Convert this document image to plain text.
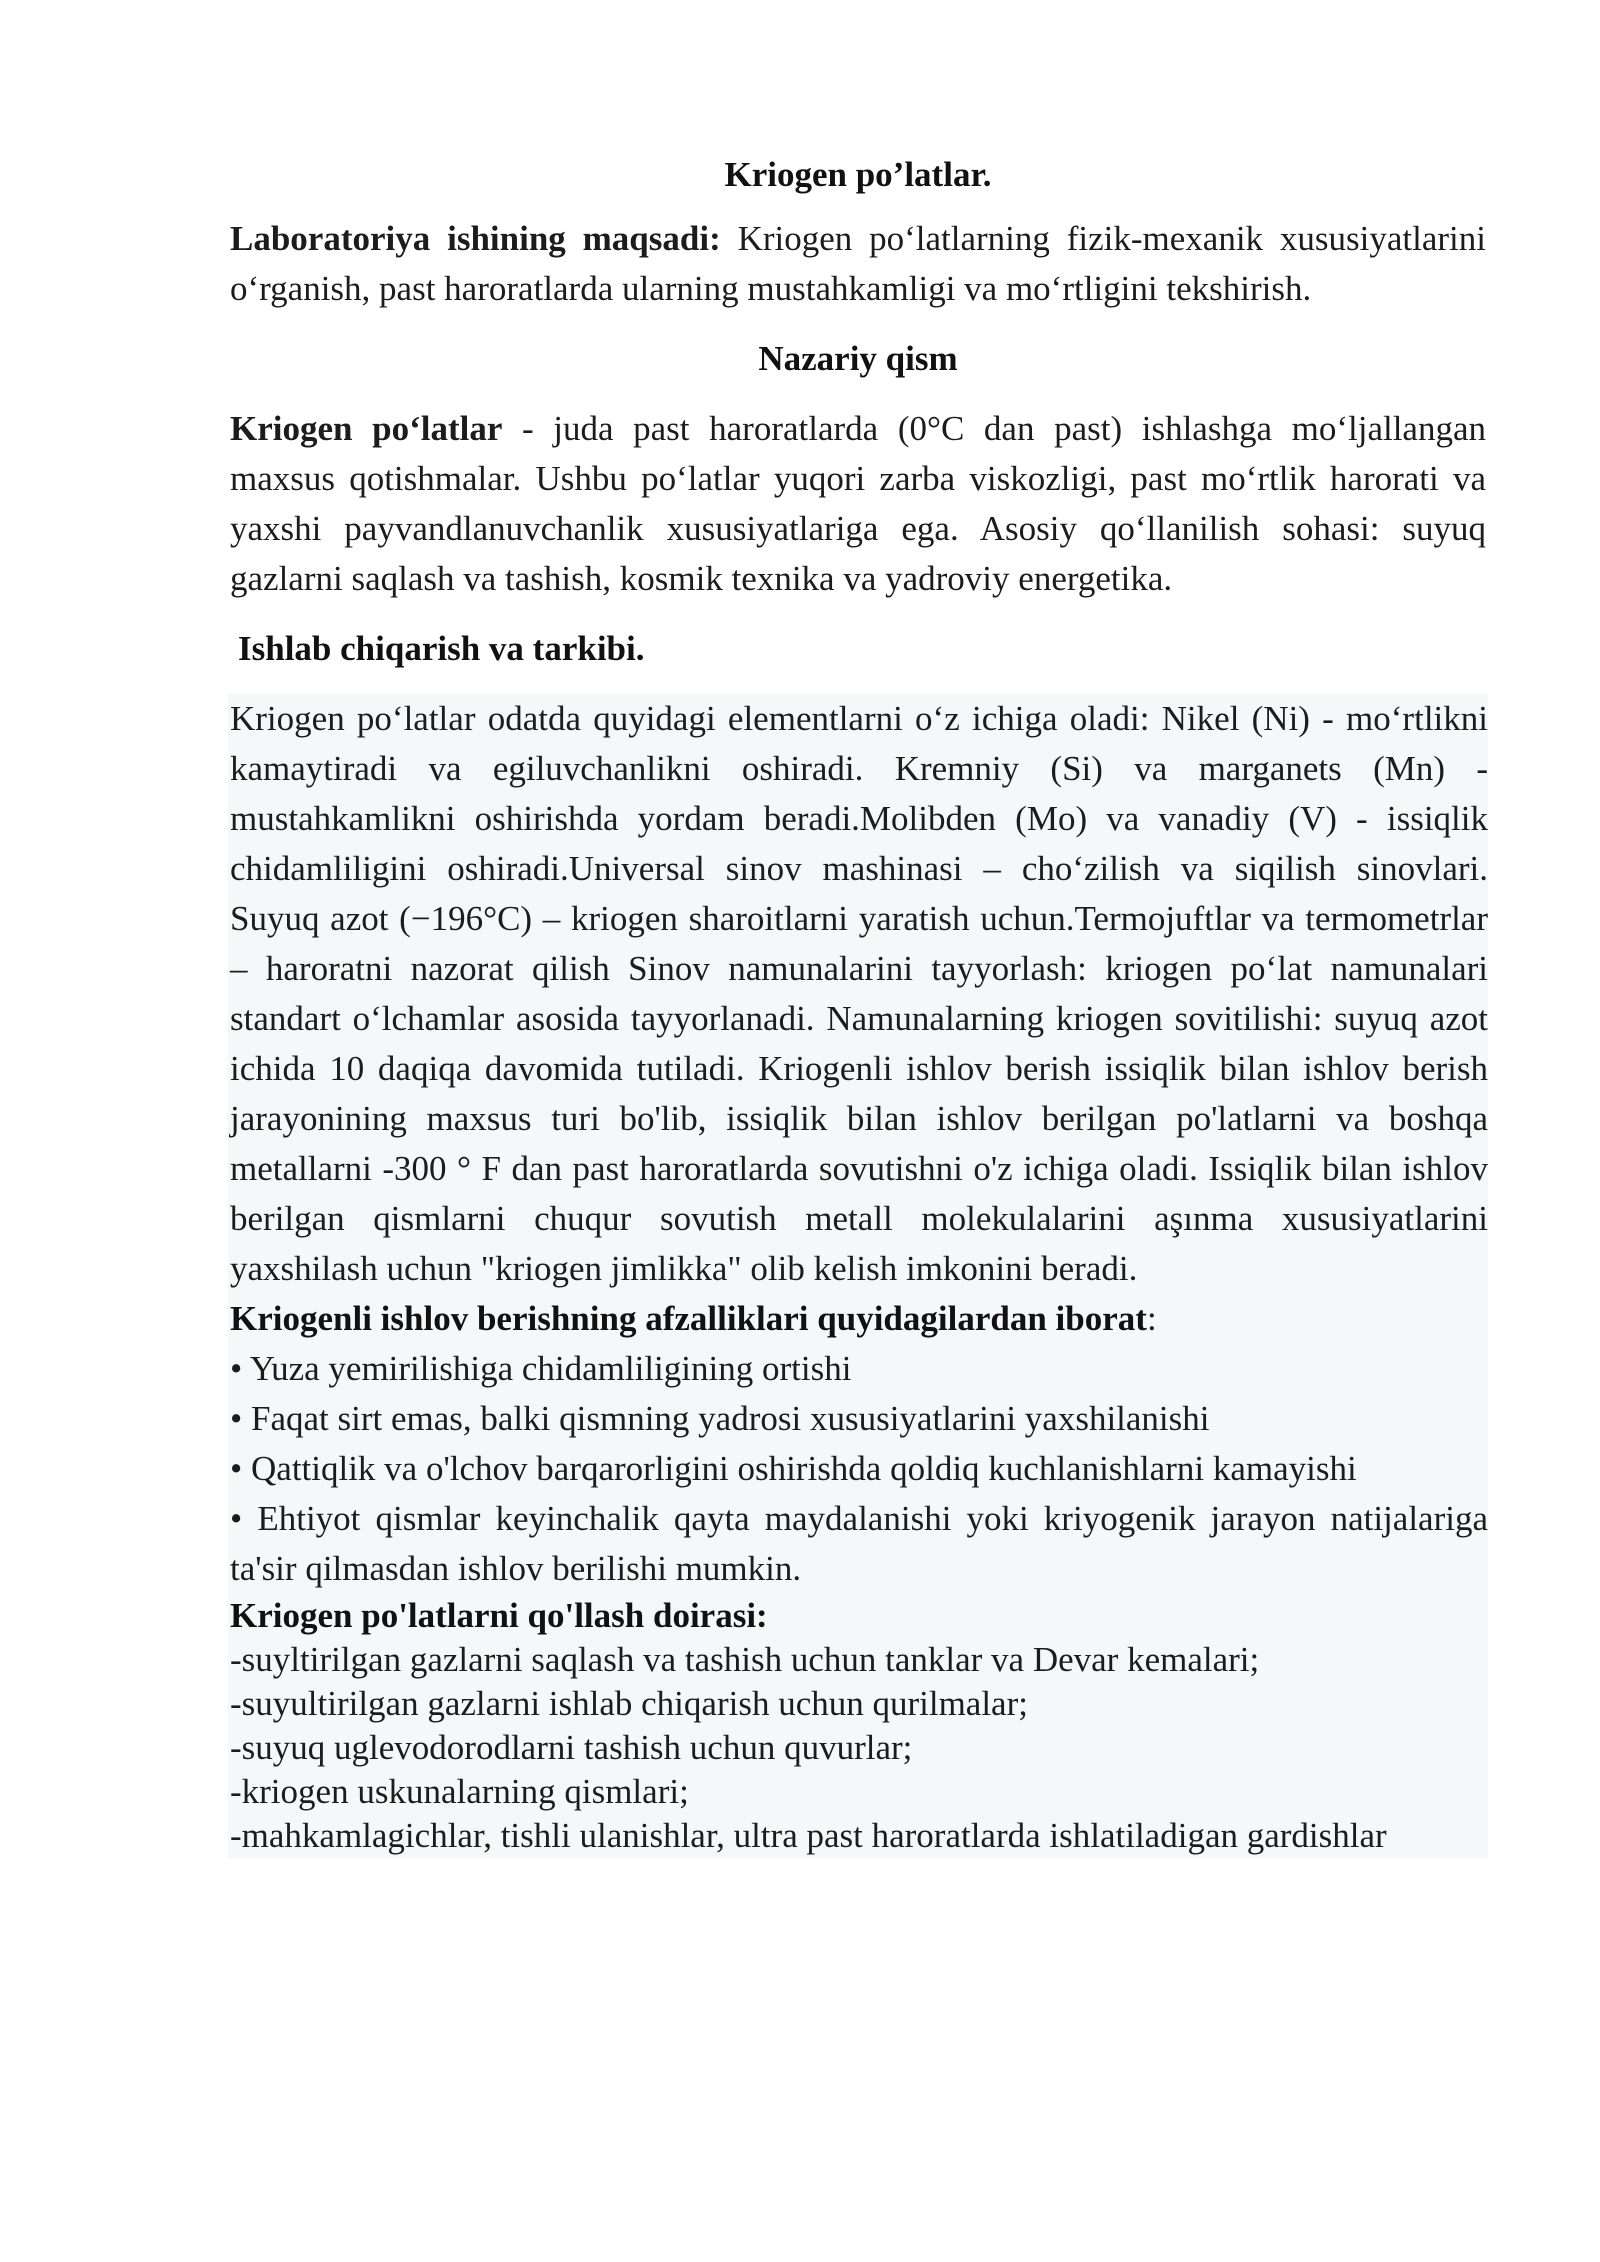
Kriogen po’latlar.

Laboratoriya ishining maqsadi: Kriogen po‘latlarning fizik-mexanik xususiyatlarini o‘rganish, past haroratlarda ularning mustahkamligi va mo‘rtligini tekshirish.

Nazariy qism

Kriogen po‘latlar - juda past haroratlarda (0°C dan past) ishlashga mo‘ljallangan maxsus qotishmalar. Ushbu po‘latlar yuqori zarba viskozligi, past mo‘rtlik harorati va yaxshi payvandlanuvchanlik xususiyatlariga ega. Asosiy qo‘llanilish sohasi: suyuq gazlarni saqlash va tashish, kosmik texnika va yadroviy energetika.

Ishlab chiqarish va tarkibi.

Kriogen po‘latlar odatda quyidagi elementlarni o‘z ichiga oladi: Nikel (Ni) - mo‘rtlikni kamaytiradi va egiluvchanlikni oshiradi. Kremniy (Si) va marganets (Mn) - mustahkamlikni oshirishda yordam beradi.Molibden (Mo) va vanadiy (V) - issiqlik chidamliligini oshiradi.Universal sinov mashinasi – cho‘zilish va siqilish sinovlari. Suyuq azot (−196°C) – kriogen sharoitlarni yaratish uchun.Termojuftlar va termometrlar – haroratni nazorat qilish Sinov namunalarini tayyorlash: kriogen po‘lat namunalari standart o‘lchamlar asosida tayyorlanadi. Namunalarning kriogen sovitilishi: suyuq azot ichida 10 daqiqa davomida tutiladi. Kriogenli ishlov berish issiqlik bilan ishlov berish jarayonining maxsus turi bo'lib, issiqlik bilan ishlov berilgan po'latlarni va boshqa metallarni -300 ° F dan past haroratlarda sovutishni o'z ichiga oladi. Issiqlik bilan ishlov berilgan qismlarni chuqur sovutish metall molekulalarini aşınma xususiyatlarini yaxshilash uchun "kriogen jimlikka" olib kelish imkonini beradi.

Kriogenli ishlov berishning afzalliklari quyidagilardan iborat:

• Yuza yemirilishiga chidamliligining ortishi

• Faqat sirt emas, balki qismning yadrosi xususiyatlarini yaxshilanishi

• Qattiqlik va o'lchov barqarorligini oshirishda qoldiq kuchlanishlarni kamayishi

• Ehtiyot qismlar keyinchalik qayta maydalanishi yoki kriyogenik jarayon natijalariga ta'sir qilmasdan ishlov berilishi mumkin.

Kriogen po'latlarni qo'llash doirasi:

-suyltirilgan gazlarni saqlash va tashish uchun tanklar va Devar kemalari;

-suyultirilgan gazlarni ishlab chiqarish uchun qurilmalar;

-suyuq uglevodorodlarni tashish uchun quvurlar;

-kriogen uskunalarning qismlari;

-mahkamlagichlar, tishli ulanishlar, ultra past haroratlarda ishlatiladigan gardishlar
